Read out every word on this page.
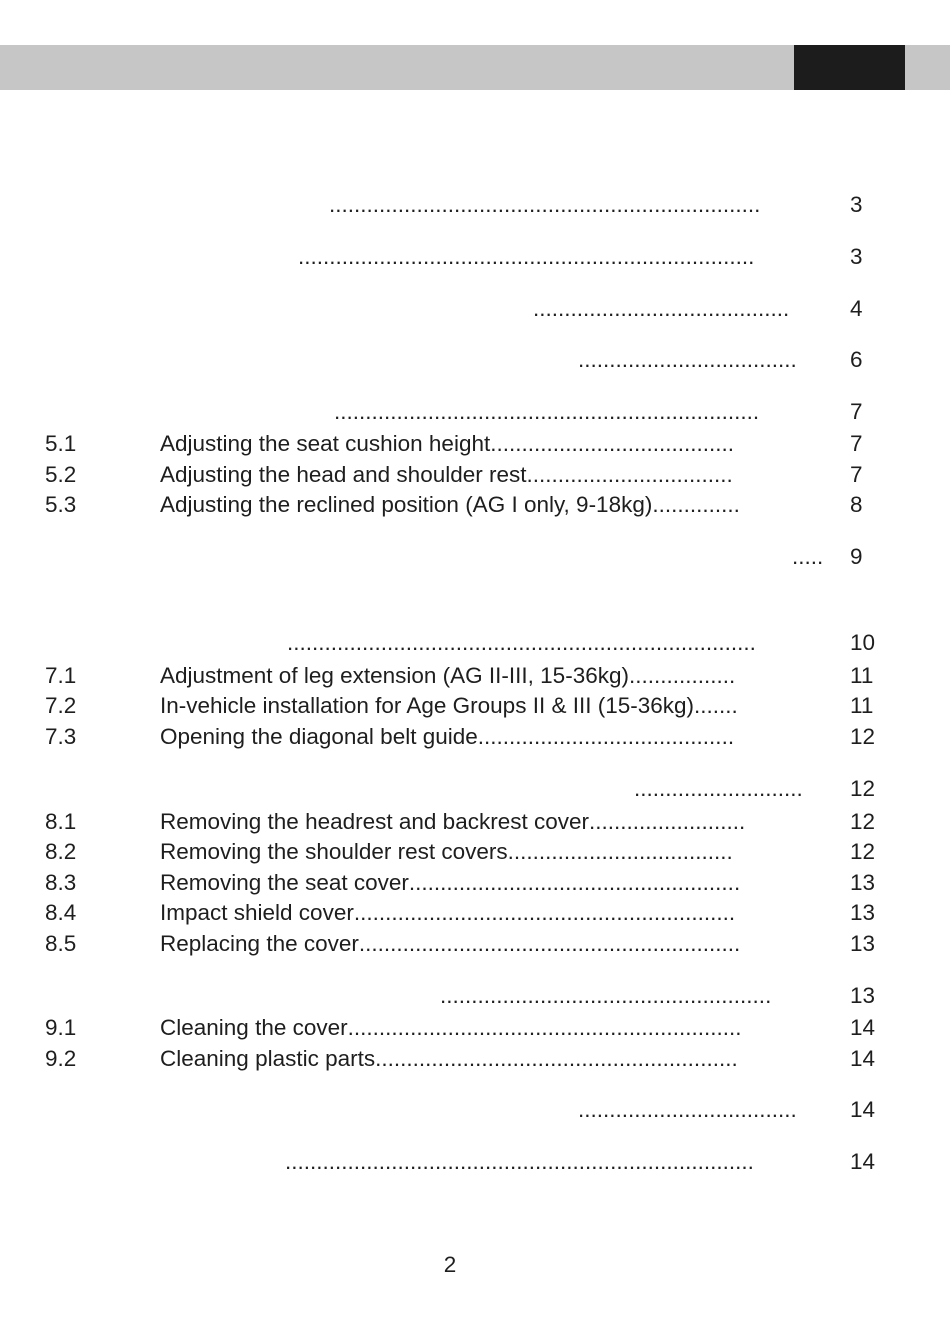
.....................................................................	3
.........................................................................	3
.........................................	4
................................... 6
....................................................................	7
5.1	Adjusting the seat cushion height .......................................	7
5.2	Adjusting the head and shoulder rest .................................	7
5.3	Adjusting the reclined position (AG I only, 9-18kg) ..............	8
..... 9
...........................................................................	10
7.1	Adjustment of leg extension (AG II-III, 15-36kg) .................	11
7.2	In-vehicle installation for Age Groups II & III (15-36kg) .......	11
7.3	Opening the diagonal belt guide .........................................	12
........................... 12
8.1	Removing the headrest and backrest cover .........................	12
8.2	Removing the shoulder rest covers ....................................	12
8.3	Removing the seat cover .....................................................	13
8.4	Impact shield cover .............................................................	13
8.5	Replacing the cover .............................................................	13
.....................................................	13
9.1	Cleaning the cover ...............................................................	14
9.2	Cleaning plastic parts ..........................................................	14
................................... 14
...........................................................................	14
2
